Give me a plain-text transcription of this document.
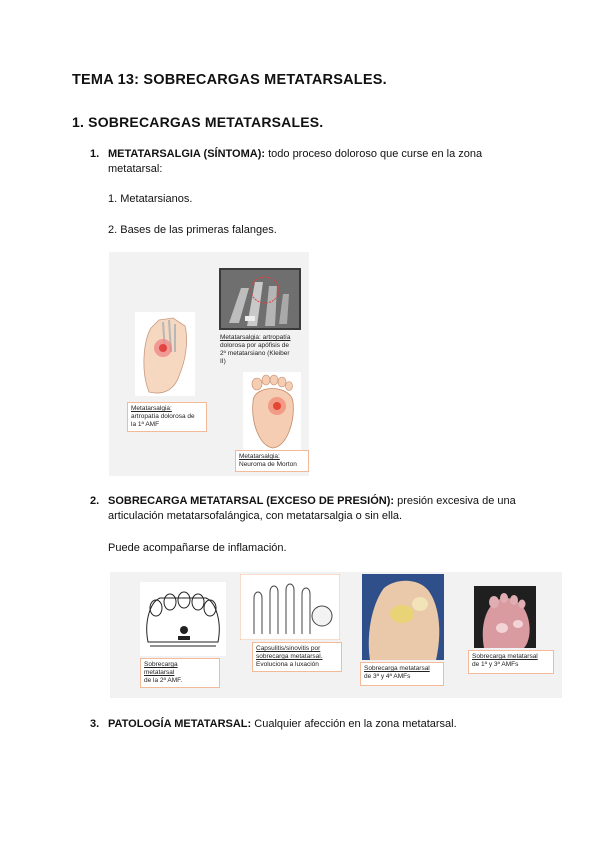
TEMA 13: SOBRECARGAS METATARSALES.
1. SOBRECARGAS METATARSALES.
1. METATARSALGIA (SÍNTOMA): todo proceso doloroso que curse en la zona
metatarsal:
1. Metatarsianos.
2. Bases de las primeras falanges.
Metatarsalgia: artropatía
dolorosa por apófisis de
2º metatarsiano (Kleiber
II)
Metatarsalgia:
artropatía dolorosa de
la 1ª AMF
Metatarsalgia:
Neuroma de Morton
2. SOBRECARGA METATARSAL (EXCESO DE PRESIÓN): presión excesiva de una
articulación metatarsofalángica, con metatarsalgia o sin ella.
Puede acompañarse de inflamación.
Sobrecarga
metatarsal
de la 2ª AMF.
Capsulitis/sinovitis por
sobrecarga metatarsal.
Evoluciona a luxación
Sobrecarga metatarsal
de 3ª y 4ª AMFs
Sobrecarga metatarsal
de 1ª y 3ª AMFs
3. PATOLOGÍA METATARSAL: Cualquier afección en la zona metatarsal.
